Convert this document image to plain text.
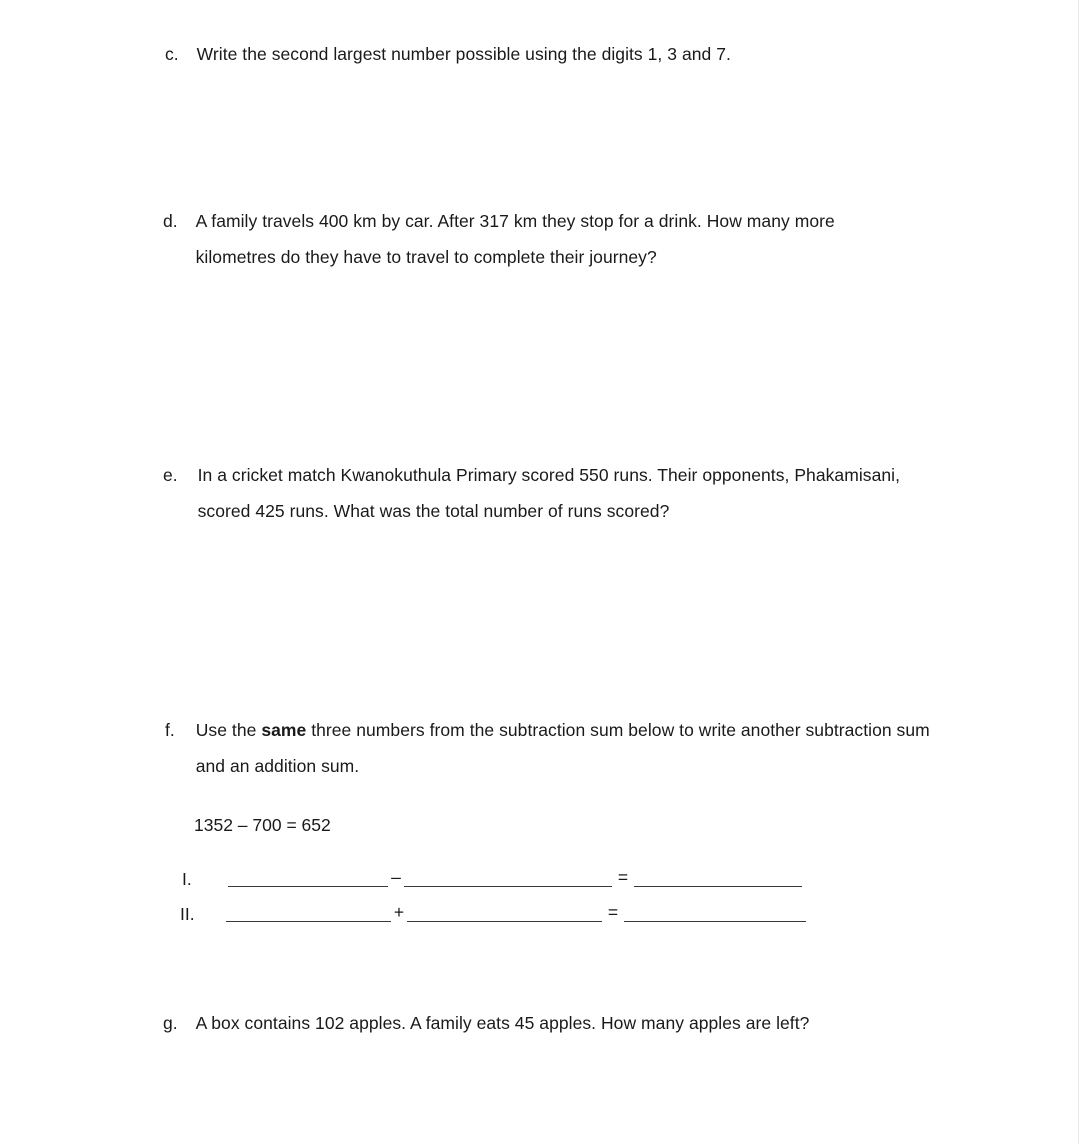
c. Write the second largest number possible using the digits 1, 3 and 7.
d. A family travels 400 km by car. After 317 km they stop for a drink. How many more kilometres do they have to travel to complete their journey?
e. In a cricket match Kwanokuthula Primary scored 550 runs. Their opponents, Phakamisani, scored 425 runs. What was the total number of runs scored?
f. Use the same three numbers from the subtraction sum below to write another subtraction sum and an addition sum.
1352 – 700 = 652
I.	–	=
II.	+	=
g. A box contains 102 apples. A family eats 45 apples. How many apples are left?
